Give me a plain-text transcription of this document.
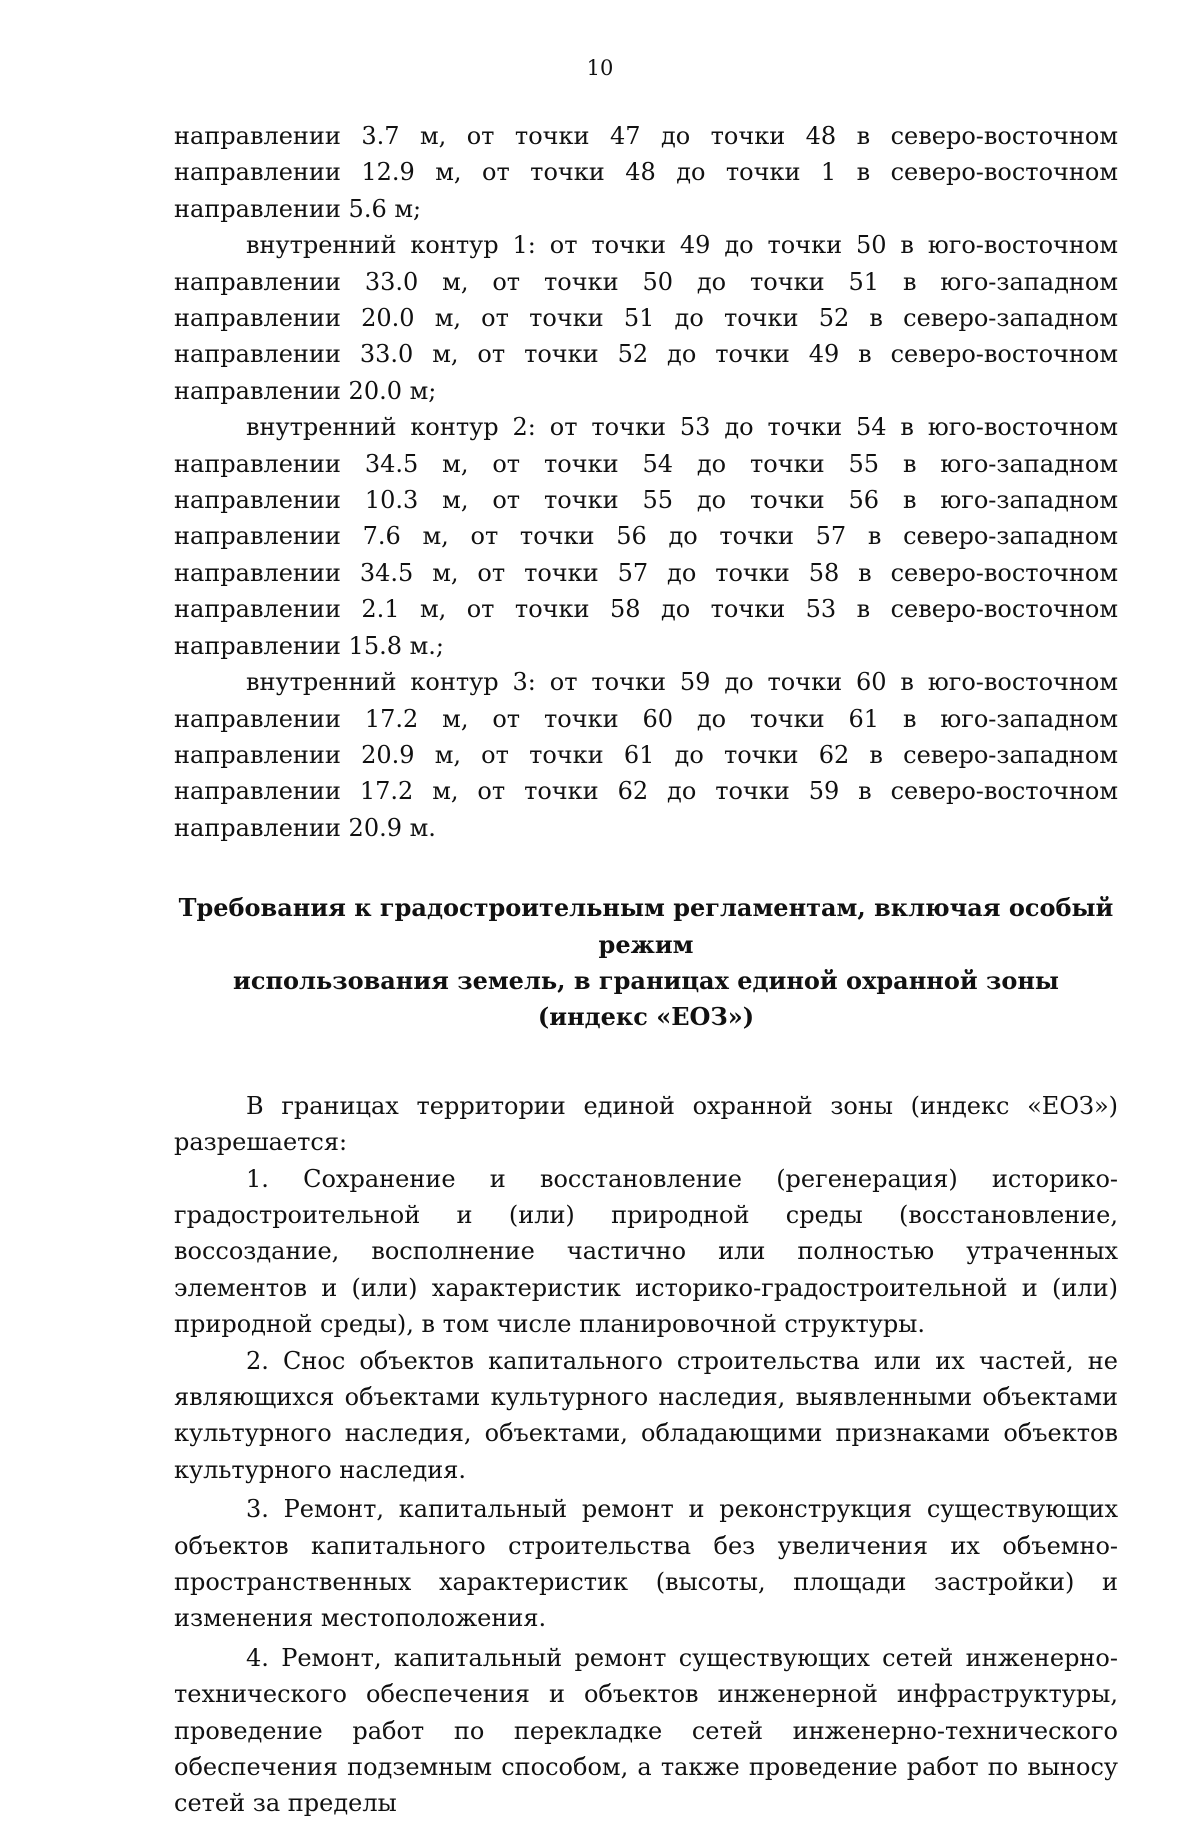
10

направлении 3.7 м, от точки 47 до точки 48 в северо-восточном направлении 12.9 м, от точки 48 до точки 1 в северо-восточном направлении 5.6 м;

внутренний контур 1: от точки 49 до точки 50 в юго-восточном направлении 33.0 м, от точки 50 до точки 51 в юго-западном направлении 20.0 м, от точки 51 до точки 52 в северо-западном направлении 33.0 м, от точки 52 до точки 49 в северо-восточном направлении 20.0 м;

внутренний контур 2: от точки 53 до точки 54 в юго-восточном направлении 34.5 м, от точки 54 до точки 55 в юго-западном направлении 10.3 м, от точки 55 до точки 56 в юго-западном направлении 7.6 м, от точки 56 до точки 57 в северо-западном направлении 34.5 м, от точки 57 до точки 58 в северо-восточном направлении 2.1 м, от точки 58 до точки 53 в северо-восточном направлении 15.8 м.;

внутренний контур 3: от точки 59 до точки 60 в юго-восточном направлении 17.2 м, от точки 60 до точки 61 в юго-западном направлении 20.9 м, от точки 61 до точки 62 в северо-западном направлении 17.2 м, от точки 62 до точки 59 в северо-восточном направлении 20.9 м.

Требования к градостроительным регламентам, включая особый режим
использования земель, в границах единой охранной зоны
(индекс «ЕОЗ»)

В границах территории единой охранной зоны (индекс «ЕОЗ») разрешается:

1. Сохранение и восстановление (регенерация) историко-градостроительной и (или) природной среды (восстановление, воссоздание, восполнение частично или полностью утраченных элементов и (или) характеристик историко-градостроительной и (или) природной среды), в том числе планировочной структуры.

2. Снос объектов капитального строительства или их частей, не являющихся объектами культурного наследия, выявленными объектами культурного наследия, объектами, обладающими признаками объектов культурного наследия.

3. Ремонт, капитальный ремонт и реконструкция существующих объектов капитального строительства без увеличения их объемно-пространственных характеристик (высоты, площади застройки) и изменения местоположения.

4. Ремонт, капитальный ремонт существующих сетей инженерно-технического обеспечения и объектов инженерной инфраструктуры, проведение работ по перекладке сетей инженерно-технического обеспечения подземным способом, а также проведение работ по выносу сетей за пределы
